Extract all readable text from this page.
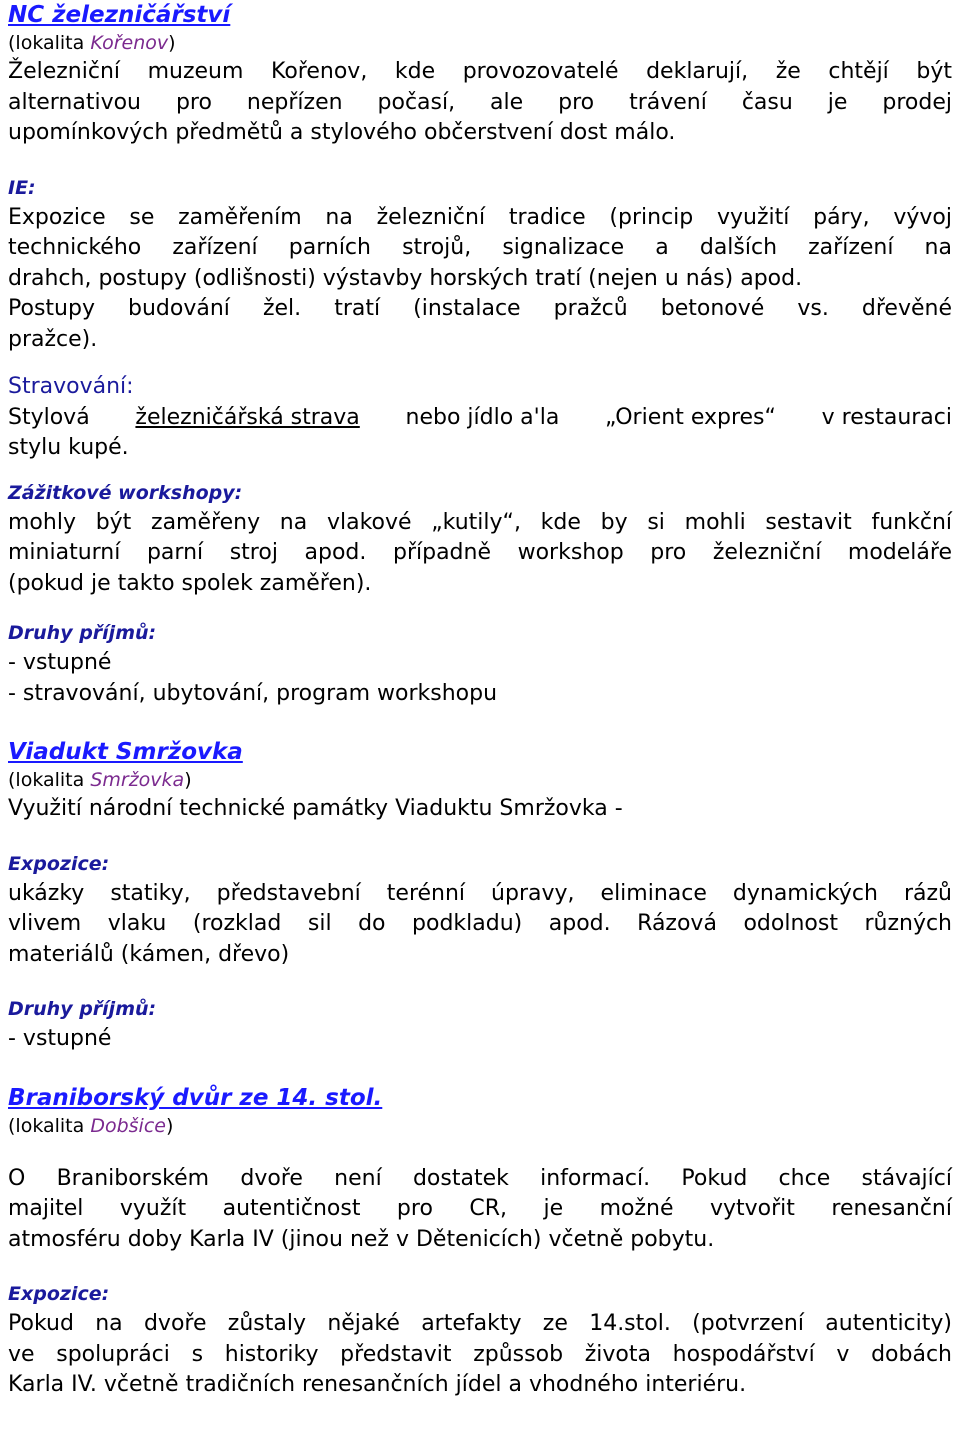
NC železničářství
(lokalita Kořenov)
Železniční muzeum Kořenov, kde provozovatelé deklarují, že chtějí být
alternativou pro nepřízen počasí, ale pro trávení času je prodej
upomínkových předmětů a stylového občerstvení dost málo.
IE:
Expozice se zaměřením na železniční tradice (princip využití páry, vývoj
technického zařízení parních strojů, signalizace a dalších zařízení na
drahch, postupy (odlišnosti) výstavby horských tratí (nejen u nás) apod.
Postupy budování žel. tratí (instalace pražců betonové vs. dřevěné
pražce).
Stravování:
Stylová železničářská strava nebo jídlo a'la „Orient expres“ v restauraci
stylu kupé.
Zážitkové workshopy:
mohly být zaměřeny na vlakové „kutily“, kde by si mohli sestavit funkční
miniaturní parní stroj apod. případně workshop pro železniční modeláře
(pokud je takto spolek zaměřen).
Druhy příjmů:
- vstupné
- stravování, ubytování, program workshopu
Viadukt Smržovka
(lokalita Smržovka)
Využití národní technické památky Viaduktu Smržovka -
Expozice:
ukázky statiky, představební terénní úpravy, eliminace dynamických rázů
vlivem vlaku (rozklad sil do podkladu) apod. Rázová odolnost různých
materiálů (kámen, dřevo)
Druhy příjmů:
- vstupné
Braniborský dvůr ze 14. stol.
(lokalita Dobšice)
O Braniborském dvoře není dostatek informací. Pokud chce stávající
majitel využít autentičnost pro CR, je možné vytvořit renesanční
atmosféru doby Karla IV (jinou než v Dětenicích) včetně pobytu.
Expozice:
Pokud na dvoře zůstaly nějaké artefakty ze 14.stol. (potvrzení autenticity)
ve spolupráci s historiky představit způssob života hospodářství v dobách
Karla IV. včetně tradičních renesančních jídel a vhodného interiéru.
